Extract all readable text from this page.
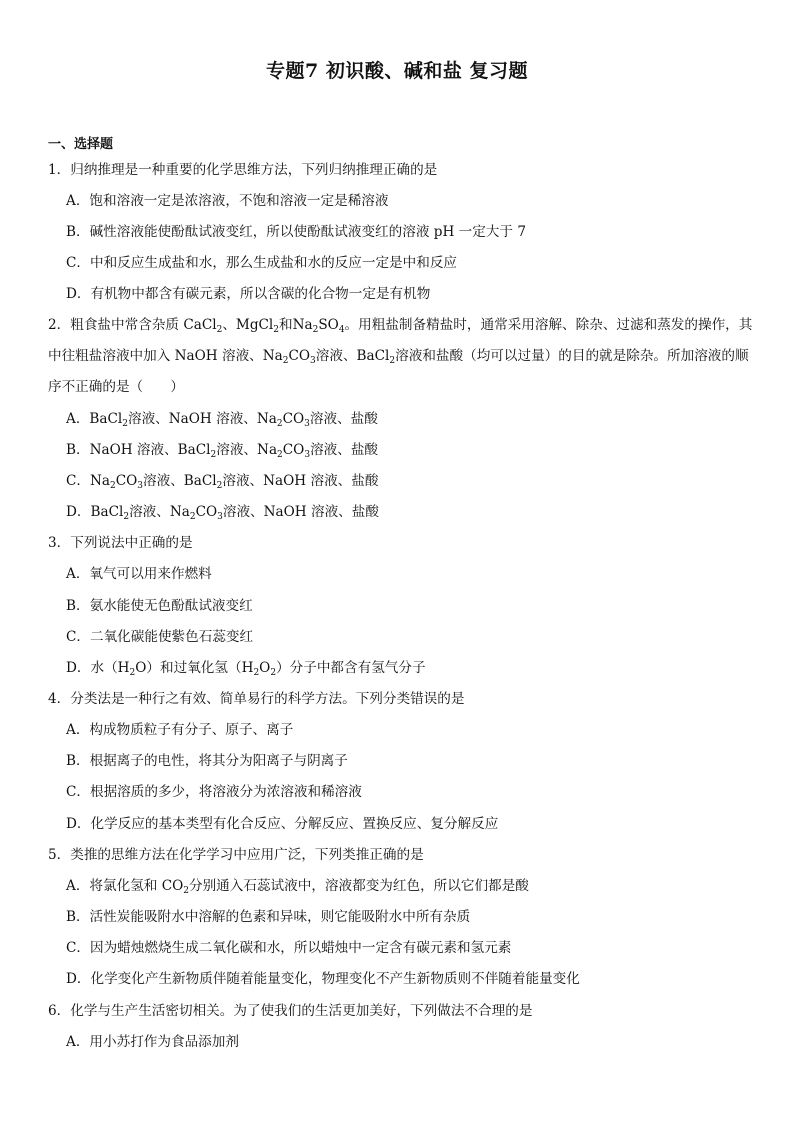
专题7 初识酸、碱和盐 复习题
一、选择题
1．归纳推理是一种重要的化学思维方法，下列归纳推理正确的是
A．饱和溶液一定是浓溶液，不饱和溶液一定是稀溶液
B．碱性溶液能使酚酞试液变红，所以使酚酞试液变红的溶液 pH 一定大于 7
C．中和反应生成盐和水，那么生成盐和水的反应一定是中和反应
D．有机物中都含有碳元素，所以含碳的化合物一定是有机物
2．粗食盐中常含杂质 CaCl$_2$、MgCl$_2$和$Na_2SO_4$。用粗盐制备精盐时，通常采用溶解、除杂、过滤和蒸发的操作，其
中往粗盐溶液中加入 NaOH 溶液、$Na_2CO_3$溶液、BaCl$_2$溶液和盐酸（均可以过量）的目的就是除杂。所加溶液的顺
序不正确的是（　　）
A．BaCl$_2$溶液、NaOH 溶液、$Na_2CO_3$溶液、盐酸
B．NaOH 溶液、BaCl$_2$溶液、$Na_2CO_3$溶液、盐酸
C．$Na_2CO_3$溶液、BaCl$_2$溶液、NaOH 溶液、盐酸
D．BaCl$_2$溶液、$Na_2CO_3$溶液、NaOH 溶液、盐酸
3．下列说法中正确的是
A．氧气可以用来作燃料
B．氨水能使无色酚酞试液变红
C．二氧化碳能使紫色石蕊变红
D．水$(H_2O)$和过氧化氢$(H_2O_2)$分子中都含有氢气分子
4．分类法是一种行之有效、简单易行的科学方法。下列分类错误的是
A．构成物质粒子有分子、原子、离子
B．根据离子的电性，将其分为阳离子与阴离子
C．根据溶质的多少，将溶液分为浓溶液和稀溶液
D．化学反应的基本类型有化合反应、分解反应、置换反应、复分解反应
5．类推的思维方法在化学学习中应用广泛，下列类推正确的是
A．将氯化氢和 $CO_2$分别通入石蕊试液中，溶液都变为红色，所以它们都是酸
B．活性炭能吸附水中溶解的色素和异味，则它能吸附水中所有杂质
C．因为蜡烛燃烧生成二氧化碳和水，所以蜡烛中一定含有碳元素和氢元素
D．化学变化产生新物质伴随着能量变化，物理变化不产生新物质则不伴随着能量变化
6．化学与生产生活密切相关。为了使我们的生活更加美好，下列做法不合理的是
A．用小苏打作为食品添加剂
